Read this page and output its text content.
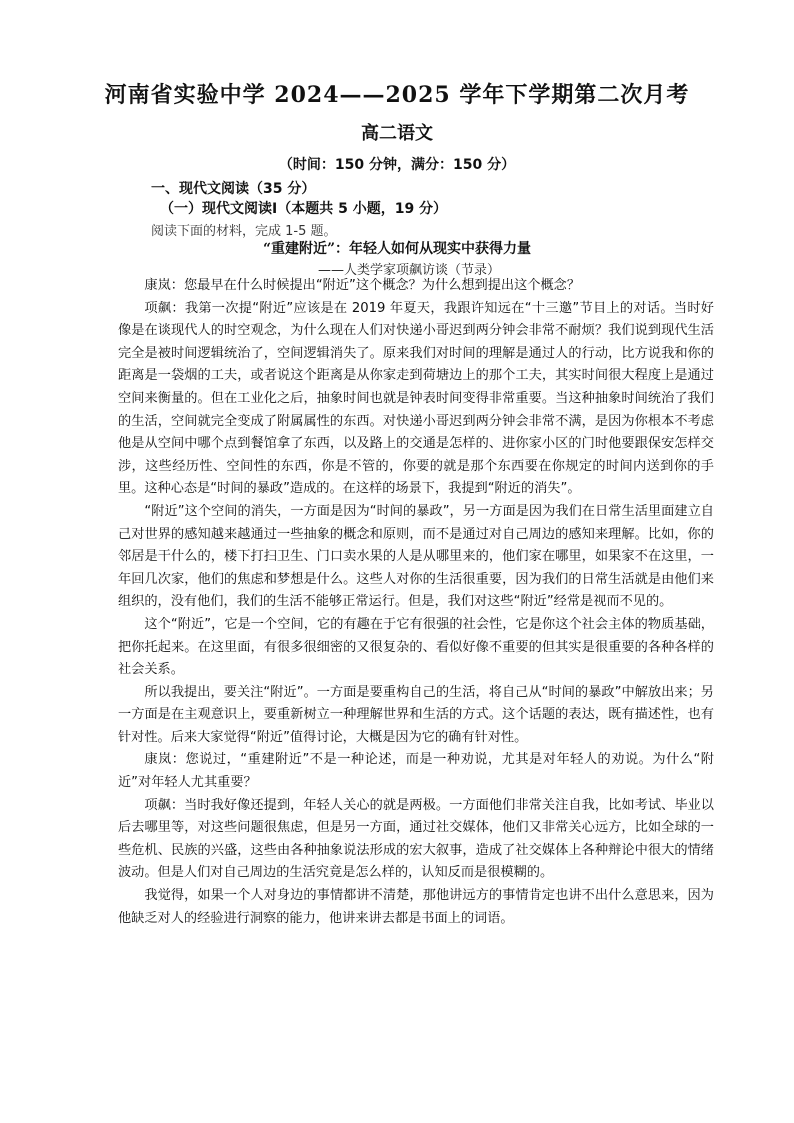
河南省实验中学 2024——2025 学年下学期第二次月考
高二语文
（时间：150 分钟，满分：150 分）
一、现代文阅读（35 分）
（一）现代文阅读Ⅰ（本题共 5 小题，19 分）
阅读下面的材料，完成 1-5 题。
“重建附近”：年轻人如何从现实中获得力量
——人类学家项飙访谈（节录）

康岚：您最早在什么时候提出“附近”这个概念？为什么想到提出这个概念？

项飙：我第一次提“附近”应该是在 2019 年夏天，我跟许知远在“十三邀”节目上的对话。当时好像是在谈现代人的时空观念，为什么现在人们对快递小哥迟到两分钟会非常不耐烦？我们说到现代生活完全是被时间逻辑统治了，空间逻辑消失了。原来我们对时间的理解是通过人的行动，比方说我和你的距离是一袋烟的工夫，或者说这个距离是从你家走到荷塘边上的那个工夫，其实时间很大程度上是通过空间来衡量的。但在工业化之后，抽象时间也就是钟表时间变得非常重要。当这种抽象时间统治了我们的生活，空间就完全变成了附属属性的东西。对快递小哥迟到两分钟会非常不满，是因为你根本不考虑他是从空间中哪个点到餐馆拿了东西，以及路上的交通是怎样的、进你家小区的门时他要跟保安怎样交涉，这些经历性、空间性的东西，你是不管的，你要的就是那个东西要在你规定的时间内送到你的手里。这种心态是“时间的暴政”造成的。在这样的场景下，我提到“附近的消失”。

“附近”这个空间的消失，一方面是因为“时间的暴政”，另一方面是因为我们在日常生活里面建立自己对世界的感知越来越通过一些抽象的概念和原则，而不是通过对自己周边的感知来理解。比如，你的邻居是干什么的，楼下打扫卫生、门口卖水果的人是从哪里来的，他们家在哪里，如果家不在这里，一年回几次家，他们的焦虑和梦想是什么。这些人对你的生活很重要，因为我们的日常生活就是由他们来组织的，没有他们，我们的生活不能够正常运行。但是，我们对这些“附近”经常是视而不见的。

这个“附近”，它是一个空间，它的有趣在于它有很强的社会性，它是你这个社会主体的物质基础，把你托起来。在这里面，有很多很细密的又很复杂的、看似好像不重要的但其实是很重要的各种各样的社会关系。

所以我提出，要关注“附近”。一方面是要重构自己的生活，将自己从“时间的暴政”中解放出来；另一方面是在主观意识上，要重新树立一种理解世界和生活的方式。这个话题的表达，既有描述性，也有针对性。后来大家觉得“附近”值得讨论，大概是因为它的确有针对性。

康岚：您说过，“重建附近”不是一种论述，而是一种劝说，尤其是对年轻人的劝说。为什么“附近”对年轻人尤其重要？

项飙：当时我好像还提到，年轻人关心的就是两极。一方面他们非常关注自我，比如考试、毕业以后去哪里等，对这些问题很焦虑，但是另一方面，通过社交媒体，他们又非常关心远方，比如全球的一些危机、民族的兴盛，这些由各种抽象说法形成的宏大叙事，造成了社交媒体上各种辩论中很大的情绪波动。但是人们对自己周边的生活究竟是怎么样的，认知反而是很模糊的。

我觉得，如果一个人对身边的事情都讲不清楚，那他讲远方的事情肯定也讲不出什么意思来，因为他缺乏对人的经验进行洞察的能力，他讲来讲去都是书面上的词语。
